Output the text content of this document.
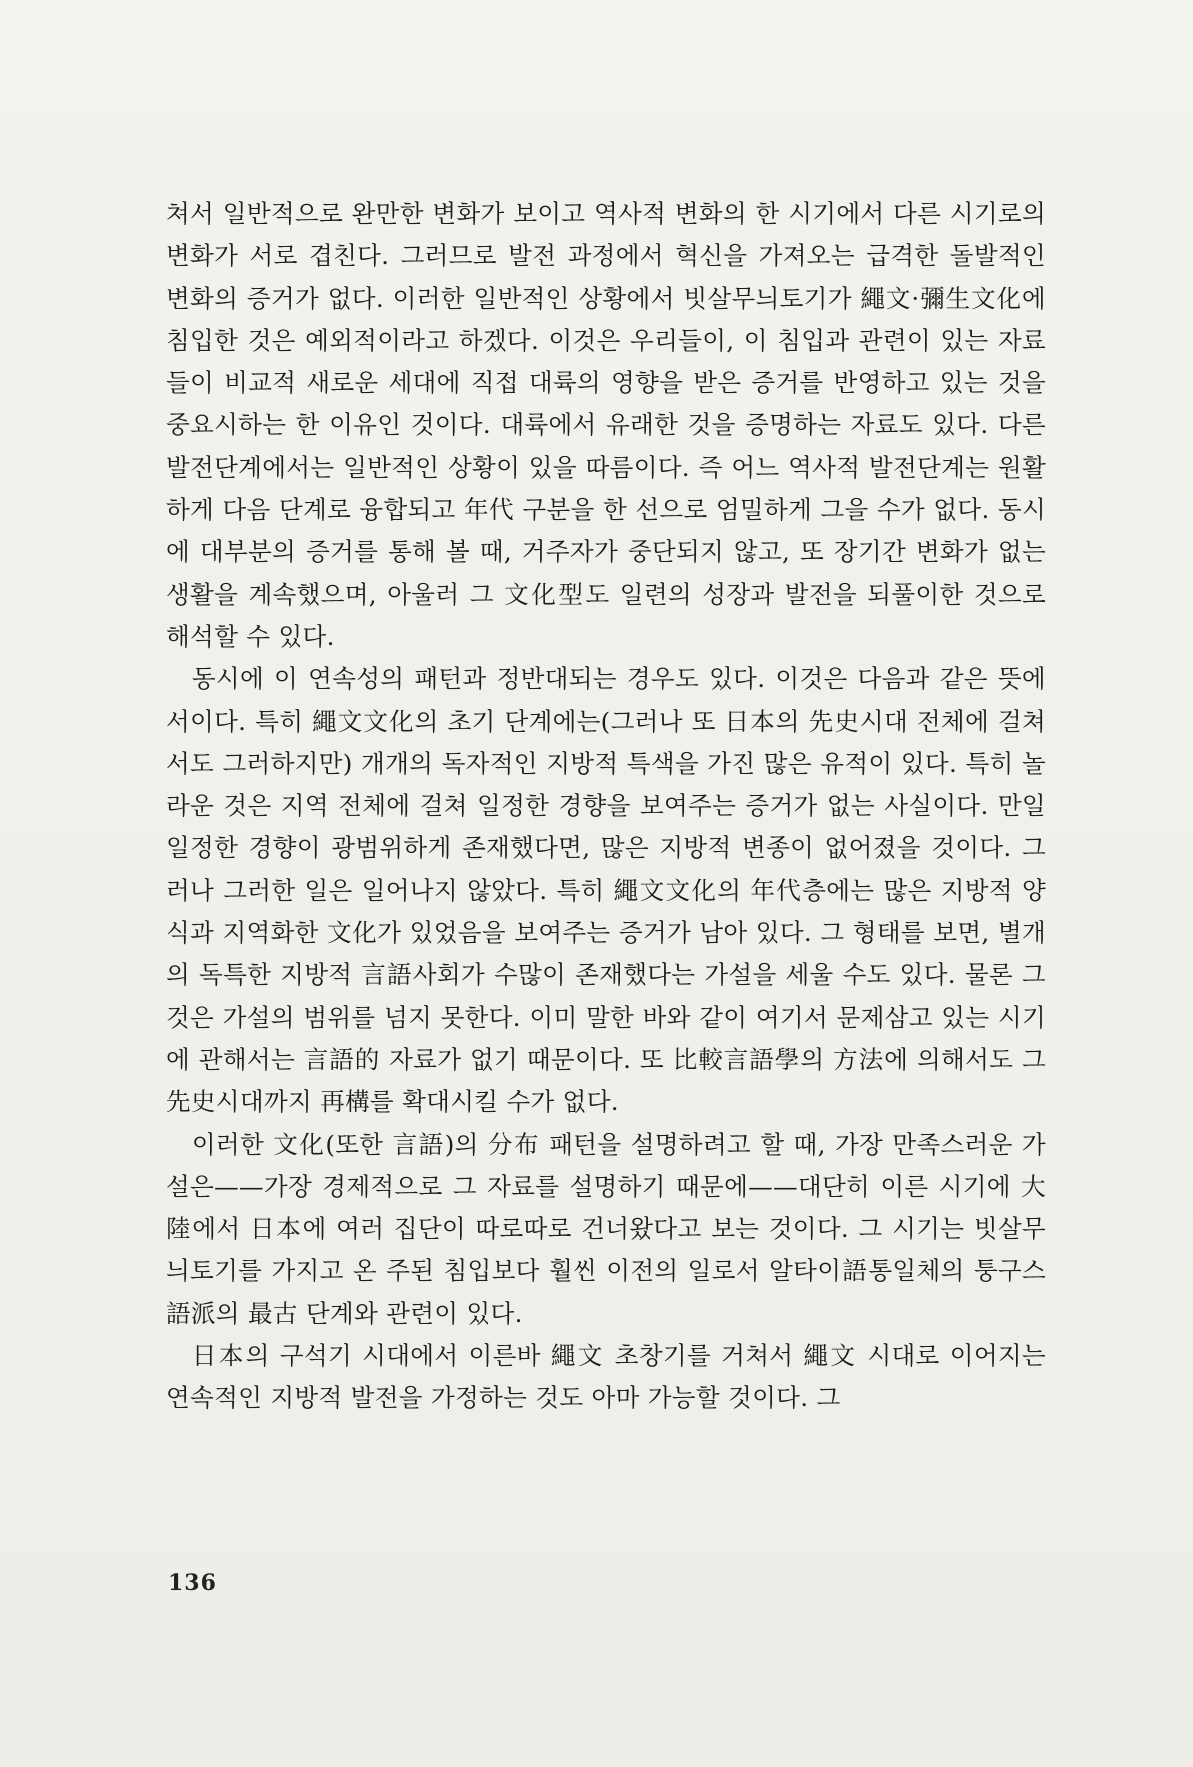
쳐서 일반적으로 완만한 변화가 보이고 역사적 변화의 한 시기에서 다른 시기로의 변화가 서로 겹친다. 그러므로 발전 과정에서 혁신을 가져오는 급격한 돌발적인 변화의 증거가 없다. 이러한 일반적인 상황에서 빗살무늬토기가 繩文·彌生文化에 침입한 것은 예외적이라고 하겠다. 이것은 우리들이, 이 침입과 관련이 있는 자료들이 비교적 새로운 세대에 직접 대륙의 영향을 받은 증거를 반영하고 있는 것을 중요시하는 한 이유인 것이다. 대륙에서 유래한 것을 증명하는 자료도 있다. 다른 발전단계에서는 일반적인 상황이 있을 따름이다. 즉 어느 역사적 발전단계는 원활하게 다음 단계로 융합되고 年代 구분을 한 선으로 엄밀하게 그을 수가 없다. 동시에 대부분의 증거를 통해 볼 때, 거주자가 중단되지 않고, 또 장기간 변화가 없는 생활을 계속했으며, 아울러 그 文化型도 일련의 성장과 발전을 되풀이한 것으로 해석할 수 있다.

동시에 이 연속성의 패턴과 정반대되는 경우도 있다. 이것은 다음과 같은 뜻에서이다. 특히 繩文文化의 초기 단계에는(그러나 또 日本의 先史시대 전체에 걸쳐서도 그러하지만) 개개의 독자적인 지방적 특색을 가진 많은 유적이 있다. 특히 놀라운 것은 지역 전체에 걸쳐 일정한 경향을 보여주는 증거가 없는 사실이다. 만일 일정한 경향이 광범위하게 존재했다면, 많은 지방적 변종이 없어졌을 것이다. 그러나 그러한 일은 일어나지 않았다. 특히 繩文文化의 年代층에는 많은 지방적 양식과 지역화한 文化가 있었음을 보여주는 증거가 남아 있다. 그 형태를 보면, 별개의 독특한 지방적 言語사회가 수많이 존재했다는 가설을 세울 수도 있다. 물론 그것은 가설의 범위를 넘지 못한다. 이미 말한 바와 같이 여기서 문제삼고 있는 시기에 관해서는 言語的 자료가 없기 때문이다. 또 比較言語學의 方法에 의해서도 그 先史시대까지 再構를 확대시킬 수가 없다.

이러한 文化(또한 言語)의 分布 패턴을 설명하려고 할 때, 가장 만족스러운 가설은——가장 경제적으로 그 자료를 설명하기 때문에——대단히 이른 시기에 大陸에서 日本에 여러 집단이 따로따로 건너왔다고 보는 것이다. 그 시기는 빗살무늬토기를 가지고 온 주된 침입보다 훨씬 이전의 일로서 알타이語통일체의 퉁구스語派의 最古 단계와 관련이 있다.

日本의 구석기 시대에서 이른바 繩文 초창기를 거쳐서 繩文 시대로 이어지는 연속적인 지방적 발전을 가정하는 것도 아마 가능할 것이다. 그

136
